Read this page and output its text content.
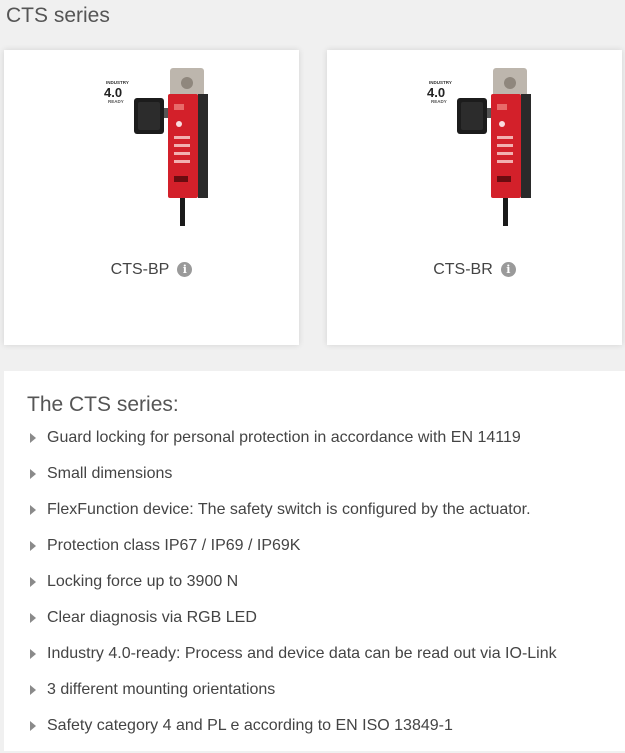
CTS series
INDUSTRY
4.0
READY
CTS-BP i
INDUSTRY
4.0
READY
CTS-BR i
The CTS series:
Guard locking for personal protection in accordance with EN 14119
Small dimensions
FlexFunction device: The safety switch is configured by the actuator.
Protection class IP67 / IP69 / IP69K
Locking force up to 3900 N
Clear diagnosis via RGB LED
Industry 4.0-ready: Process and device data can be read out via IO-Link
3 different mounting orientations
Safety category 4 and PL e according to EN ISO 13849-1
